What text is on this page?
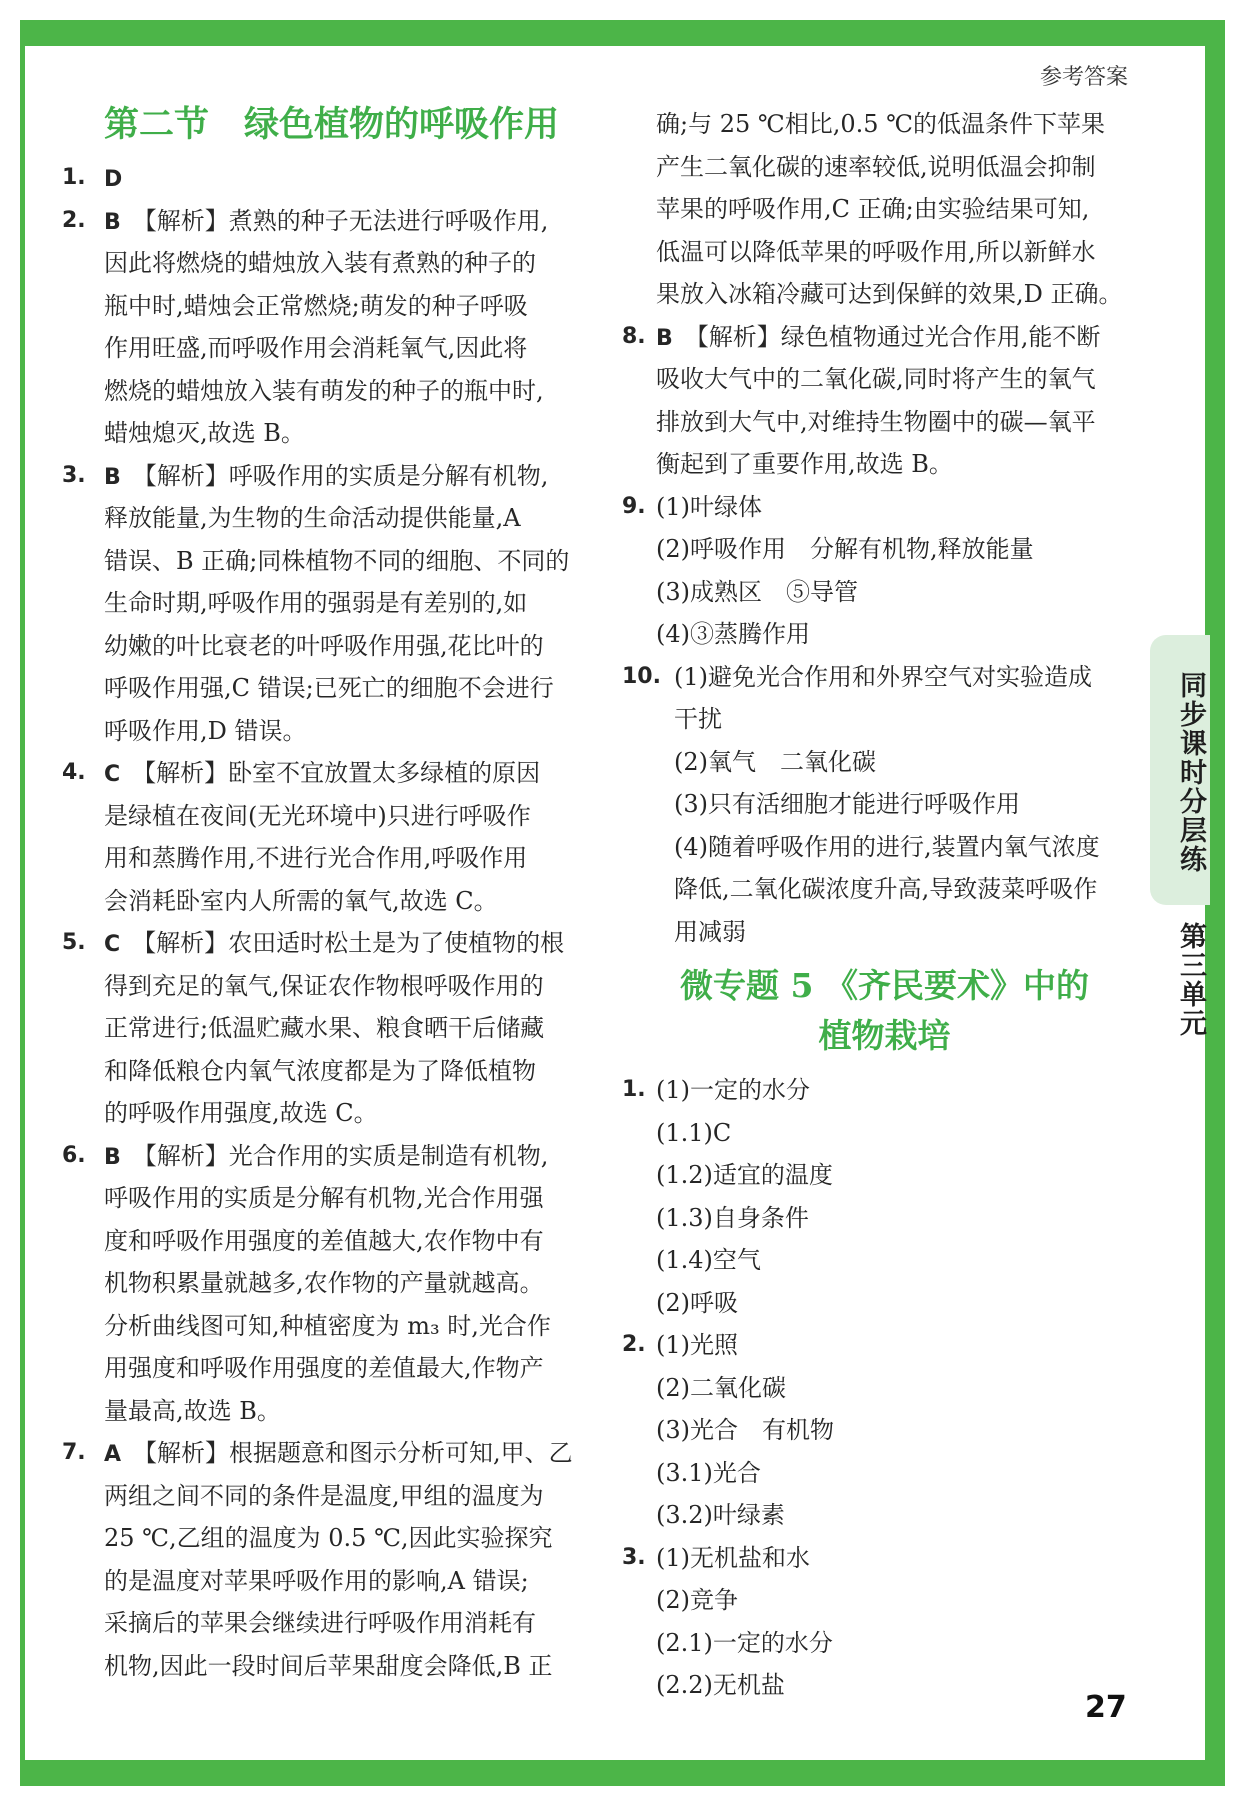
参考答案
同步课时分层练
第三单元
27
第二节　绿色植物的呼吸作用
1. D
2. B 【解析】煮熟的种子无法进行呼吸作用,
因此将燃烧的蜡烛放入装有煮熟的种子的
瓶中时,蜡烛会正常燃烧;萌发的种子呼吸
作用旺盛,而呼吸作用会消耗氧气,因此将
燃烧的蜡烛放入装有萌发的种子的瓶中时,
蜡烛熄灭,故选 B。
3. B 【解析】呼吸作用的实质是分解有机物,
释放能量,为生物的生命活动提供能量,A
错误、B 正确;同株植物不同的细胞、不同的
生命时期,呼吸作用的强弱是有差别的,如
幼嫩的叶比衰老的叶呼吸作用强,花比叶的
呼吸作用强,C 错误;已死亡的细胞不会进行
呼吸作用,D 错误。
4. C 【解析】卧室不宜放置太多绿植的原因
是绿植在夜间(无光环境中)只进行呼吸作
用和蒸腾作用,不进行光合作用,呼吸作用
会消耗卧室内人所需的氧气,故选 C。
5. C 【解析】农田适时松土是为了使植物的根
得到充足的氧气,保证农作物根呼吸作用的
正常进行;低温贮藏水果、粮食晒干后储藏
和降低粮仓内氧气浓度都是为了降低植物
的呼吸作用强度,故选 C。
6. B 【解析】光合作用的实质是制造有机物,
呼吸作用的实质是分解有机物,光合作用强
度和呼吸作用强度的差值越大,农作物中有
机物积累量就越多,农作物的产量就越高。
分析曲线图可知,种植密度为 m₃ 时,光合作
用强度和呼吸作用强度的差值最大,作物产
量最高,故选 B。
7. A 【解析】根据题意和图示分析可知,甲、乙
两组之间不同的条件是温度,甲组的温度为
25 ℃,乙组的温度为 0.5 ℃,因此实验探究
的是温度对苹果呼吸作用的影响,A 错误;
采摘后的苹果会继续进行呼吸作用消耗有
机物,因此一段时间后苹果甜度会降低,B 正
确;与 25 ℃相比,0.5 ℃的低温条件下苹果
产生二氧化碳的速率较低,说明低温会抑制
苹果的呼吸作用,C 正确;由实验结果可知,
低温可以降低苹果的呼吸作用,所以新鲜水
果放入冰箱冷藏可达到保鲜的效果,D 正确。
8. B 【解析】绿色植物通过光合作用,能不断
吸收大气中的二氧化碳,同时将产生的氧气
排放到大气中,对维持生物圈中的碳—氧平
衡起到了重要作用,故选 B。
9. (1)叶绿体
(2)呼吸作用　分解有机物,释放能量
(3)成熟区　⑤导管
(4)③蒸腾作用
10. (1)避免光合作用和外界空气对实验造成
干扰
(2)氧气　二氧化碳
(3)只有活细胞才能进行呼吸作用
(4)随着呼吸作用的进行,装置内氧气浓度
降低,二氧化碳浓度升高,导致菠菜呼吸作
用减弱
微专题 5 《齐民要术》中的
植物栽培
1. (1)一定的水分
(1.1)C
(1.2)适宜的温度
(1.3)自身条件
(1.4)空气
(2)呼吸
2. (1)光照
(2)二氧化碳
(3)光合　有机物
(3.1)光合
(3.2)叶绿素
3. (1)无机盐和水
(2)竞争
(2.1)一定的水分
(2.2)无机盐
